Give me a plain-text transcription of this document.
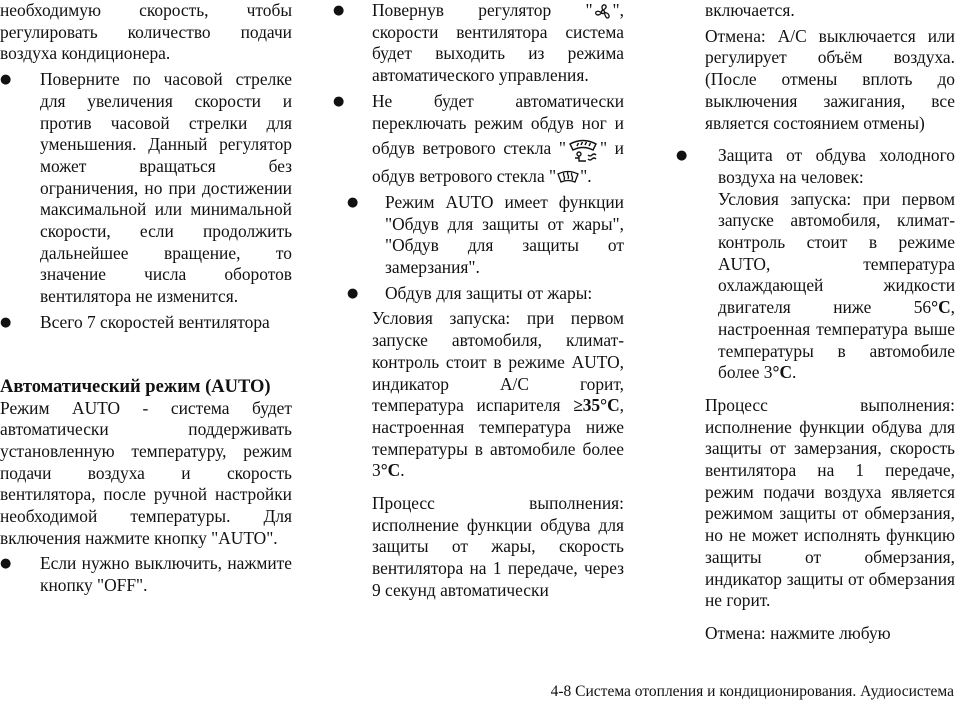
необходимую скорость, чтобы регулировать количество подачи воздуха кондиционера.

● Поверните по часовой стрелке для увеличения скорости и против часовой стрелки для уменьшения. Данный регулятор может вращаться без ограничения, но при достижении максимальной или минимальной скорости, если продолжить дальнейшее вращение, то значение числа оборотов вентилятора не изменится.
● Всего 7 скоростей вентилятора
Автоматический режим (AUTO)

Режим AUTO - система будет автоматически поддерживать установленную температуру, режим подачи воздуха и скорость вентилятора, после ручной настройки необходимой температуры. Для включения нажмите кнопку "AUTO".

● Если нужно выключить, нажмите кнопку "OFF".
● Повернув регулятор " ", скорости вентилятора система будет выходить из режима автоматического управления.
● Не будет автоматически переключать режим обдув ног и обдув ветрового стекла " " и обдув ветрового стекла " ".
● Режим AUTO имеет функции "Обдув для защиты от жары", "Обдув для защиты от замерзания".
● Обдув для защиты от жары:

Условия запуска: при первом запуске автомобиля, климат-контроль стоит в режиме AUTO, индикатор A/C горит, температура испарителя ≥35°C, настроенная температура ниже температуры в автомобиле более 3°C.

Процесс выполнения: исполнение функции обдува для защиты от жары, скорость вентилятора на 1 передаче, через 9 секунд автоматически

включается.

Отмена: A/C выключается или регулирует объём воздуха. (После отмены вплоть до выключения зажигания, все является состоянием отмены)

● Защита от обдува холодного воздуха на человек:

Условия запуска: при первом запуске автомобиля, климат-контроль стоит в режиме AUTO, температура охлаждающей жидкости двигателя ниже 56°C, настроенная температура выше температуры в автомобиле более 3°C.

Процесс выполнения: исполнение функции обдува для защиты от замерзания, скорость вентилятора на 1 передаче, режим подачи воздуха является режимом защиты от обмерзания, но не может исполнять функцию защиты от обмерзания, индикатор защиты от обмерзания не горит.

Отмена: нажмите любую

4-8 Система отопления и кондиционирования. Аудиосистема
